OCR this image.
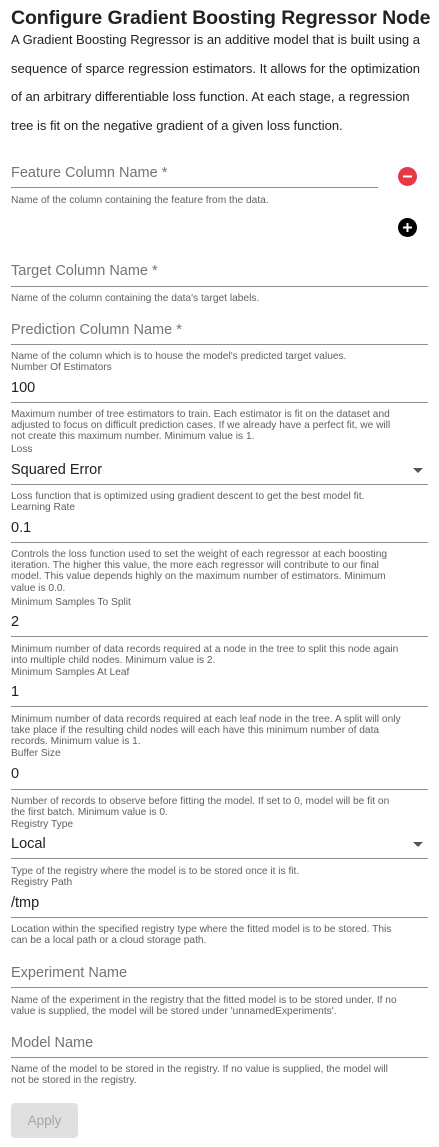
Configure Gradient Boosting Regressor Node
A Gradient Boosting Regressor is an additive model that is built using a
sequence of sparce regression estimators. It allows for the optimization
of an arbitrary differentiable loss function. At each stage, a regression
tree is fit on the negative gradient of a given loss function.
Feature Column Name *
Name of the column containing the feature from the data.
Target Column Name *
Name of the column containing the data's target labels.
Prediction Column Name *
Name of the column which is to house the model's predicted target values.
Number Of Estimators
100
Maximum number of tree estimators to train. Each estimator is fit on the dataset and
adjusted to focus on difficult prediction cases. If we already have a perfect fit, we will
not create this maximum number. Minimum value is 1.
Loss
Squared Error
Loss function that is optimized using gradient descent to get the best model fit.
Learning Rate
0.1
Controls the loss function used to set the weight of each regressor at each boosting
iteration. The higher this value, the more each regressor will contribute to our final
model. This value depends highly on the maximum number of estimators. Minimum
value is 0.0.
Minimum Samples To Split
2
Minimum number of data records required at a node in the tree to split this node again
into multiple child nodes. Minimum value is 2.
Minimum Samples At Leaf
1
Minimum number of data records required at each leaf node in the tree. A split will only
take place if the resulting child nodes will each have this minimum number of data
records. Minimum value is 1.
Buffer Size
0
Number of records to observe before fitting the model. If set to 0, model will be fit on
the first batch. Minimum value is 0.
Registry Type
Local
Type of the registry where the model is to be stored once it is fit.
Registry Path
/tmp
Location within the specified registry type where the fitted model is to be stored. This
can be a local path or a cloud storage path.
Experiment Name
Name of the experiment in the registry that the fitted model is to be stored under. If no
value is supplied, the model will be stored under 'unnamedExperiments'.
Model Name
Name of the model to be stored in the registry. If no value is supplied, the model will
not be stored in the registry.
Apply
